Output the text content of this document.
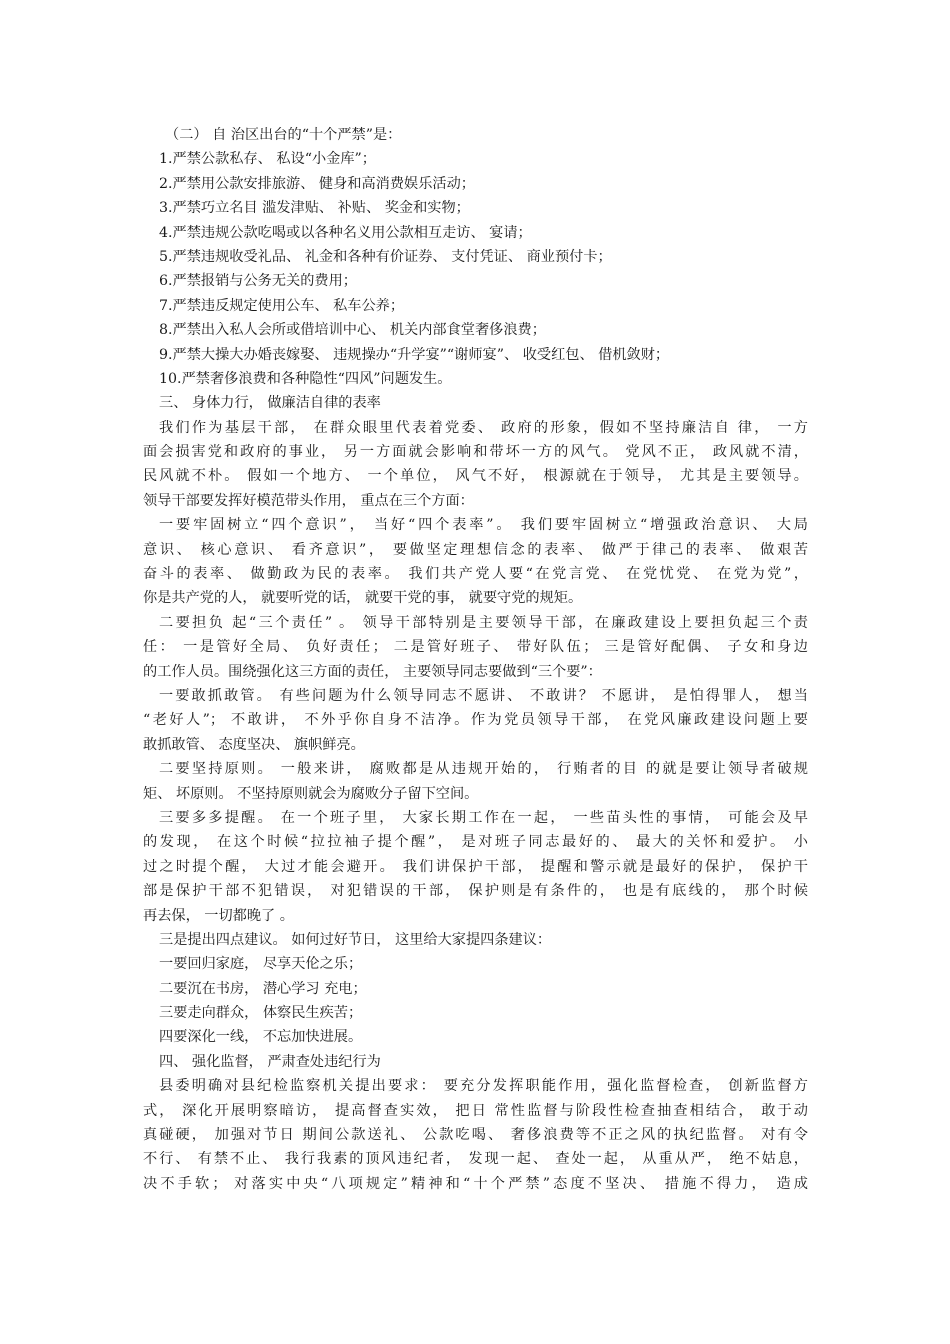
（二） 自 治区出台的“十个严禁”是：
1.严禁公款私存、 私设“小金库”；
2.严禁用公款安排旅游、 健身和高消费娱乐活动；
3.严禁巧立名目 滥发津贴、 补贴、 奖金和实物；
4.严禁违规公款吃喝或以各种名义用公款相互走访、 宴请；
5.严禁违规收受礼品、 礼金和各种有价证券、 支付凭证、 商业预付卡；
6.严禁报销与公务无关的费用；
7.严禁违反规定使用公车、 私车公养；
8.严禁出入私人会所或借培训中心、 机关内部食堂奢侈浪费；
9.严禁大操大办婚丧嫁娶、 违规操办“升学宴”“谢师宴”、 收受红包、 借机敛财；
10.严禁奢侈浪费和各种隐性“四风”问题发生。
三、 身体力行， 做廉洁自律的表率
我们作为基层干部， 在群众眼里代表着党委、 政府的形象，假如不坚持廉洁自 律， 一方
面会损害党和政府的事业， 另一方面就会影响和带坏一方的风气。 党风不正， 政风就不清，
民风就不朴。 假如一个地方、 一个单位， 风气不好， 根源就在于领导， 尤其是主要领导。
领导干部要发挥好模范带头作用， 重点在三个方面：
一要牢固树立“四个意识”， 当好“四个表率”。 我们要牢固树立“增强政治意识、 大局
意识、 核心意识、 看齐意识”， 要做坚定理想信念的表率、 做严于律己的表率、 做艰苦
奋斗的表率、 做勤政为民的表率。 我们共产党人要“在党言党、 在党忧党、 在党为党”，
你是共产党的人， 就要听党的话， 就要干党的事， 就要守党的规矩。
二要担负 起“三个责任” 。 领导干部特别是主要领导干部，在廉政建设上要担负起三个责
任： 一是管好全局、 负好责任； 二是管好班子、 带好队伍； 三是管好配偶、 子女和身边
的工作人员。围绕强化这三方面的责任， 主要领导同志要做到“三个要”：
一要敢抓敢管。 有些问题为什么领导同志不愿讲、 不敢讲？ 不愿讲， 是怕得罪人， 想当
“老好人”； 不敢讲， 不外乎你自身不洁净。作为党员领导干部， 在党风廉政建设问题上要
敢抓敢管、 态度坚决、 旗帜鲜亮。
二要坚持原则。 一般来讲， 腐败都是从违规开始的， 行贿者的目 的就是要让领导者破规
矩、 坏原则。 不坚持原则就会为腐败分子留下空间。
三要多多提醒。 在一个班子里， 大家长期工作在一起， 一些苗头性的事情， 可能会及早
的发现， 在这个时候“拉拉袖子提个醒”， 是对班子同志最好的、 最大的关怀和爱护。 小
过之时提个醒， 大过才能会避开。 我们讲保护干部， 提醒和警示就是最好的保护， 保护干
部是保护干部不犯错误， 对犯错误的干部， 保护则是有条件的， 也是有底线的， 那个时候
再去保， 一切都晚了 。
三是提出四点建议。 如何过好节日， 这里给大家提四条建议：
一要回归家庭， 尽享天伦之乐；
二要沉在书房， 潜心学习 充电；
三要走向群众， 体察民生疾苦；
四要深化一线， 不忘加快进展。
四、 强化监督， 严肃查处违纪行为
县委明确对县纪检监察机关提出要求： 要充分发挥职能作用，强化监督检查， 创新监督方
式， 深化开展明察暗访， 提高督查实效， 把日 常性监督与阶段性检查抽查相结合， 敢于动
真碰硬， 加强对节日 期间公款送礼、 公款吃喝、 奢侈浪费等不正之风的执纪监督。 对有令
不行、 有禁不止、 我行我素的顶风违纪者， 发现一起、 查处一起， 从重从严， 绝不姑息，
决不手软； 对落实中央“八项规定”精神和“十个严禁”态度不坚决、 措施不得力， 造成
